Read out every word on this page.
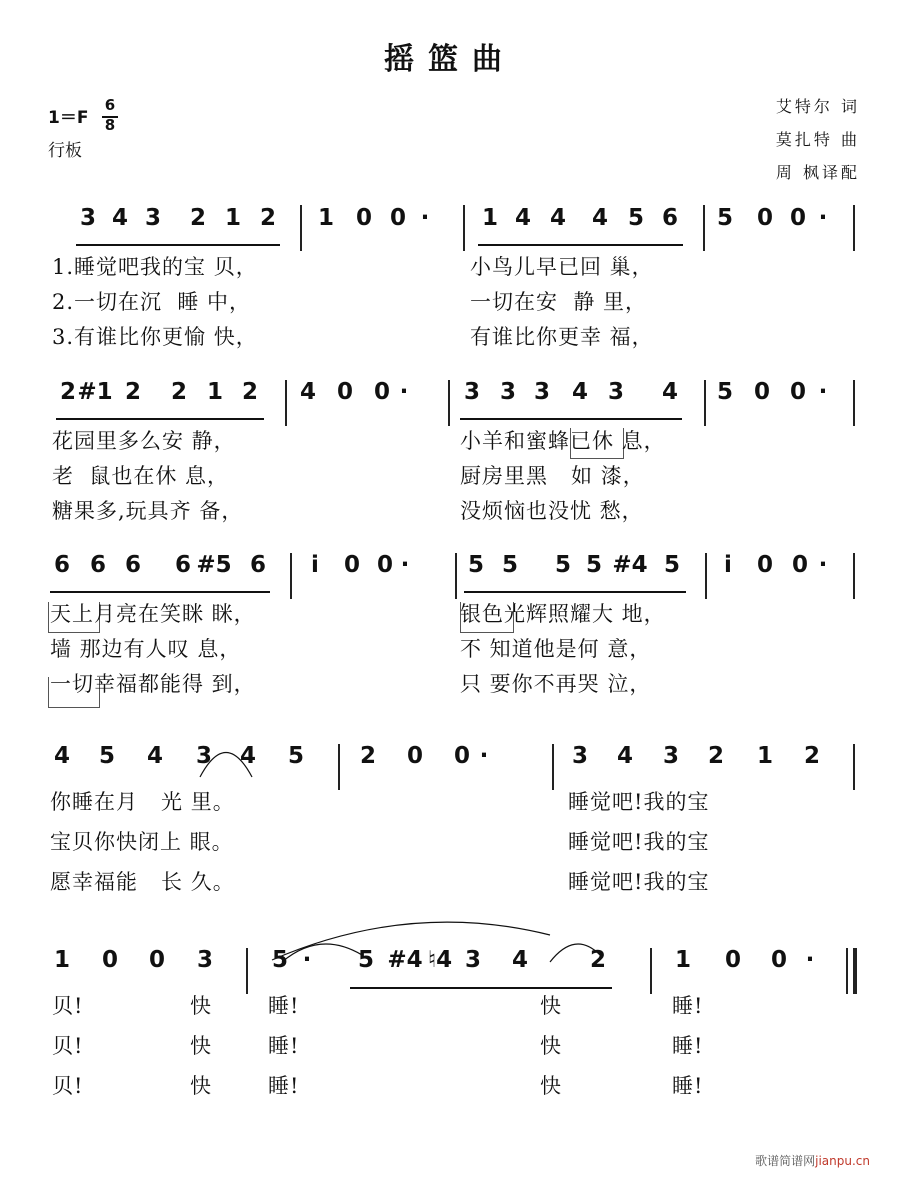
摇篮曲
1＝F
6
8
行板
艾特尔 词
莫扎特 曲
周 枫译配
3 4 3 2 1 2 1 0 0 · 1 4 4 4 5 6 5 0 0 ·
1.睡觉吧我的宝 贝，	小鸟儿早已回 巢，
2.一切在沉  睡 中，	一切在安  静 里，
3.有谁比你更愉 快，	有谁比你更幸 福，
2 #1 2 2 1 2 4 0 0 · 3 3 3 4 3 4 5 0 0 ·
花园里多么安 静，	小羊和蜜蜂已休 息，
老  鼠也在休 息，	厨房里黑   如 漆，
糖果多,玩具齐 备，	没烦恼也没忧 愁，
6 6 6 6 #5 6 i 0 0 ·	5 5 5 5 #4 5 i 0 0 ·
天上月亮在笑眯 眯，	银色光辉照耀大 地，
墙 那边有人叹 息，	不 知道他是何 意，
一切幸福都能得 到，	只 要你不再哭 泣，
4 5 4 3 4 5 2 0 0 ·	3 4 3 2 1 2
你睡在月   光 里。	睡觉吧!我的宝
宝贝你快闭上 眼。	睡觉吧!我的宝
愿幸福能   长 久。	睡觉吧!我的宝
1 0 0 3	5 · 5 #4 ♮4 3 4	2	1 0 0 ·
贝!	快	睡!	快	睡!
贝!	快	睡!	快	睡!
贝!	快	睡!	快	睡!
歌谱简谱网jianpu.cn
